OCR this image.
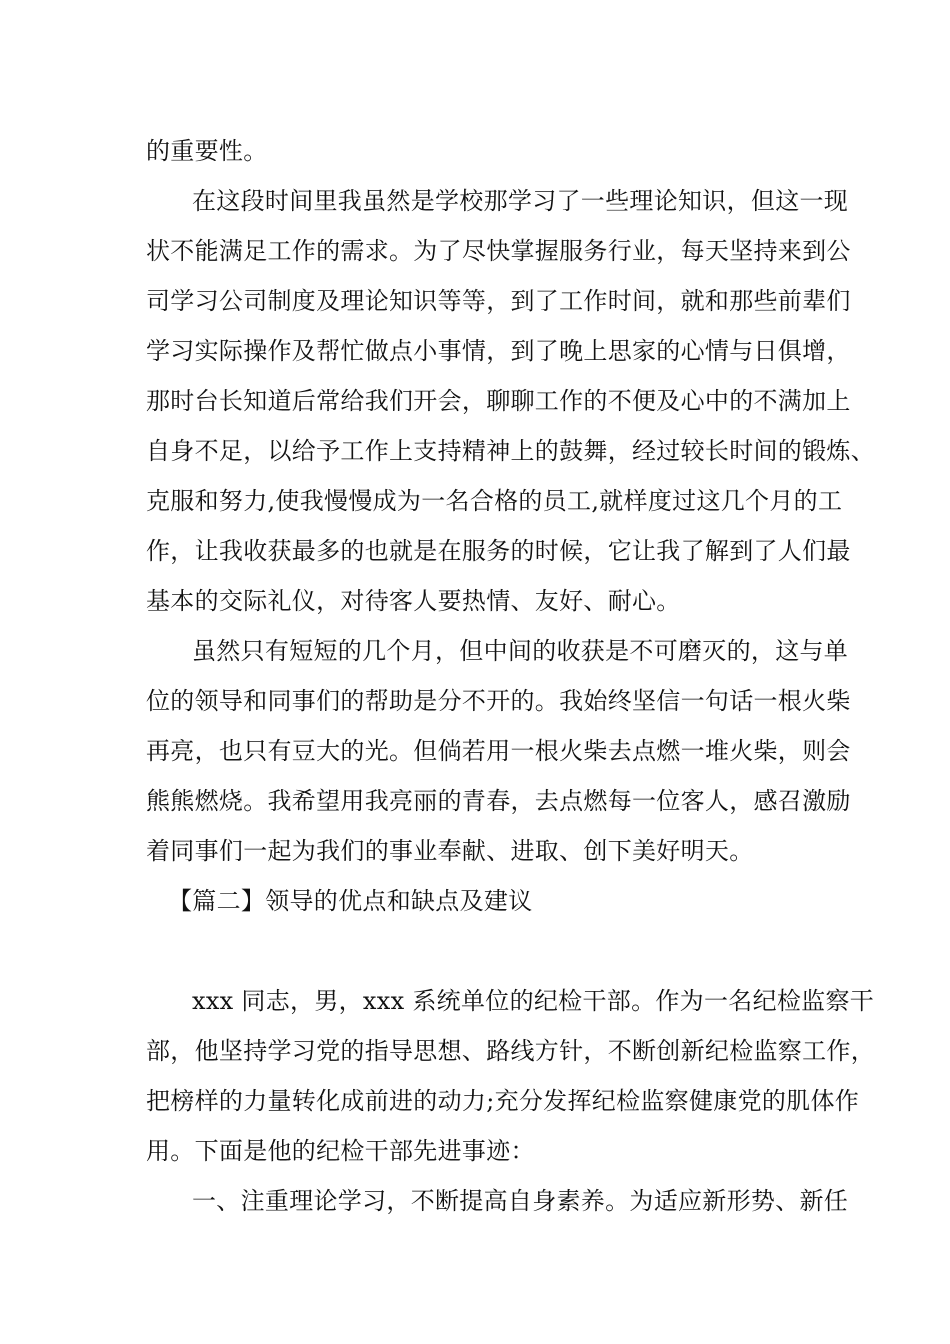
的重要性。
在这段时间里我虽然是学校那学习了一些理论知识，但这一现
状不能满足工作的需求。为了尽快掌握服务行业，每天坚持来到公
司学习公司制度及理论知识等等，到了工作时间，就和那些前辈们
学习实际操作及帮忙做点小事情，到了晚上思家的心情与日俱增，
那时台长知道后常给我们开会，聊聊工作的不便及心中的不满加上
自身不足，以给予工作上支持精神上的鼓舞，经过较长时间的锻炼、
克服和努力,使我慢慢成为一名合格的员工,就样度过这几个月的工
作，让我收获最多的也就是在服务的时候，它让我了解到了人们最
基本的交际礼仪，对待客人要热情、友好、耐心。
虽然只有短短的几个月，但中间的收获是不可磨灭的，这与单
位的领导和同事们的帮助是分不开的。我始终坚信一句话一根火柴
再亮，也只有豆大的光。但倘若用一根火柴去点燃一堆火柴，则会
熊熊燃烧。我希望用我亮丽的青春，去点燃每一位客人，感召激励
着同事们一起为我们的事业奉献、进取、创下美好明天。
【篇二】领导的优点和缺点及建议
xxx 同志，男，xxx 系统单位的纪检干部。作为一名纪检监察干
部，他坚持学习党的指导思想、路线方针，不断创新纪检监察工作，
把榜样的力量转化成前进的动力;充分发挥纪检监察健康党的肌体作
用。下面是他的纪检干部先进事迹：
一、注重理论学习，不断提高自身素养。为适应新形势、新任
